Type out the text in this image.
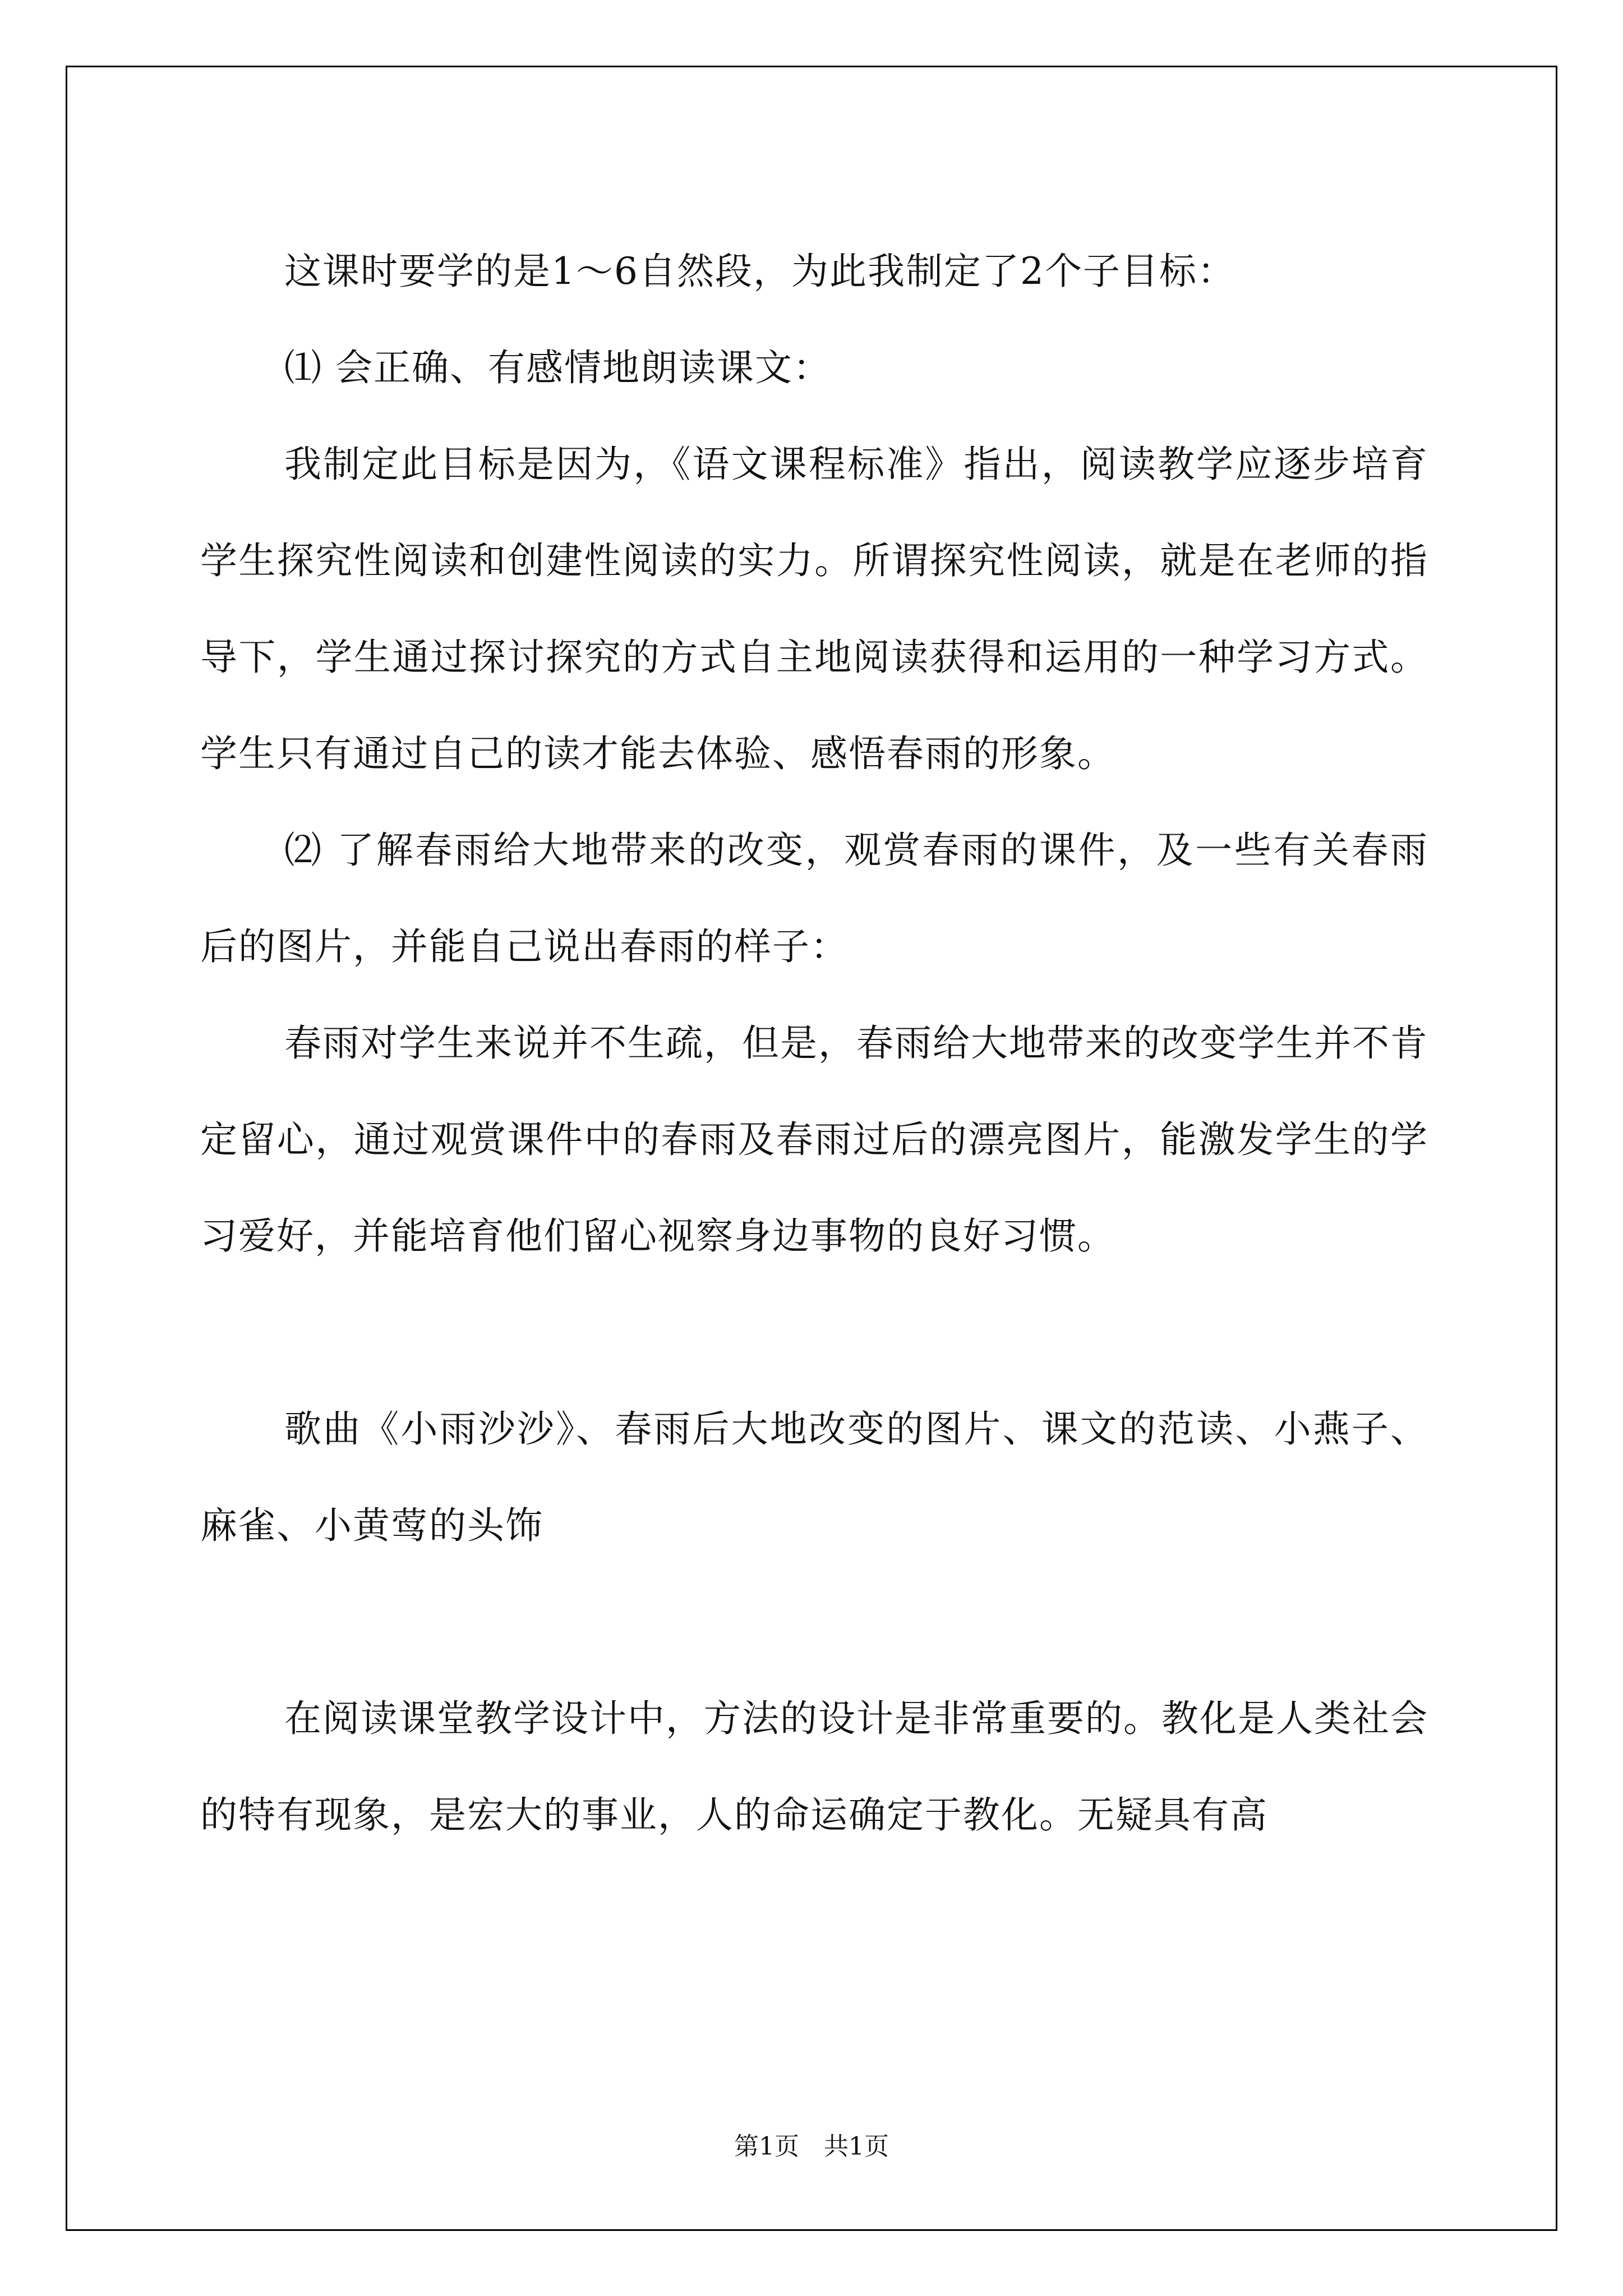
这课时要学的是1～6自然段，为此我制定了2个子目标：

⑴ 会正确、有感情地朗读课文：

我制定此目标是因为，《语文课程标准》指出，阅读教学应逐步培育学生探究性阅读和创建性阅读的实力。所谓探究性阅读，就是在老师的指导下，学生通过探讨探究的方式自主地阅读获得和运用的一种学习方式。学生只有通过自己的读才能去体验、感悟春雨的形象。

⑵ 了解春雨给大地带来的改变，观赏春雨的课件，及一些有关春雨后的图片，并能自己说出春雨的样子：

春雨对学生来说并不生疏，但是，春雨给大地带来的改变学生并不肯定留心，通过观赏课件中的春雨及春雨过后的漂亮图片，能激发学生的学习爱好，并能培育他们留心视察身边事物的良好习惯。

歌曲《小雨沙沙》、春雨后大地改变的图片、课文的范读、小燕子、麻雀、小黄莺的头饰

在阅读课堂教学设计中，方法的设计是非常重要的。教化是人类社会的特有现象，是宏大的事业，人的命运确定于教化。无疑具有高

第1页　共1页
